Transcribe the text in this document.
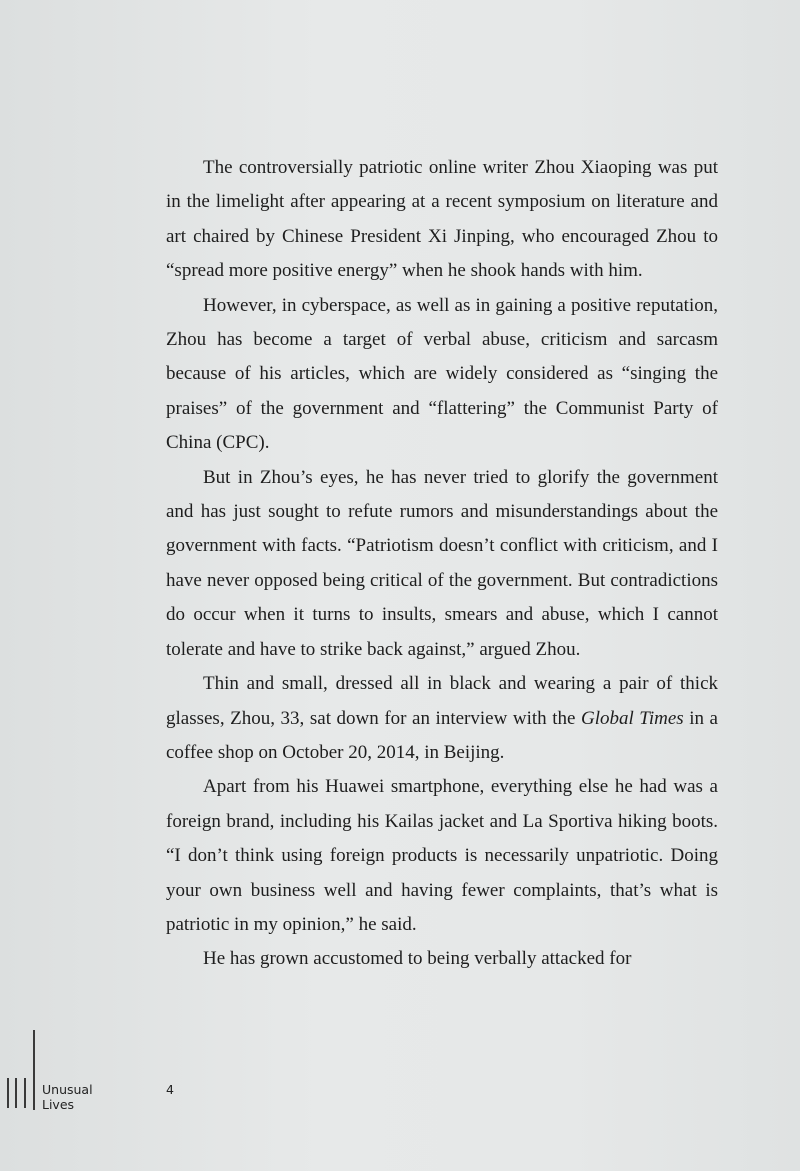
The controversially patriotic online writer Zhou Xiaoping was put in the limelight after appearing at a recent symposium on literature and art chaired by Chinese President Xi Jinping, who encouraged Zhou to “spread more positive energy” when he shook hands with him.

However, in cyberspace, as well as in gaining a positive reputation, Zhou has become a target of verbal abuse, criticism and sarcasm because of his articles, which are widely considered as “singing the praises” of the government and “flattering” the Communist Party of China (CPC).

But in Zhou’s eyes, he has never tried to glorify the government and has just sought to refute rumors and misunderstandings about the government with facts. “Patriotism doesn’t conflict with criticism, and I have never opposed being critical of the government. But contradictions do occur when it turns to insults, smears and abuse, which I cannot tolerate and have to strike back against,” argued Zhou.

Thin and small, dressed all in black and wearing a pair of thick glasses, Zhou, 33, sat down for an interview with the Global Times in a coffee shop on October 20, 2014, in Beijing.

Apart from his Huawei smartphone, everything else he had was a foreign brand, including his Kailas jacket and La Sportiva hiking boots. “I don’t think using foreign products is necessarily unpatriotic. Doing your own business well and having fewer complaints, that’s what is patriotic in my opinion,” he said.

He has grown accustomed to being verbally attacked for

Unusual
Lives
4
